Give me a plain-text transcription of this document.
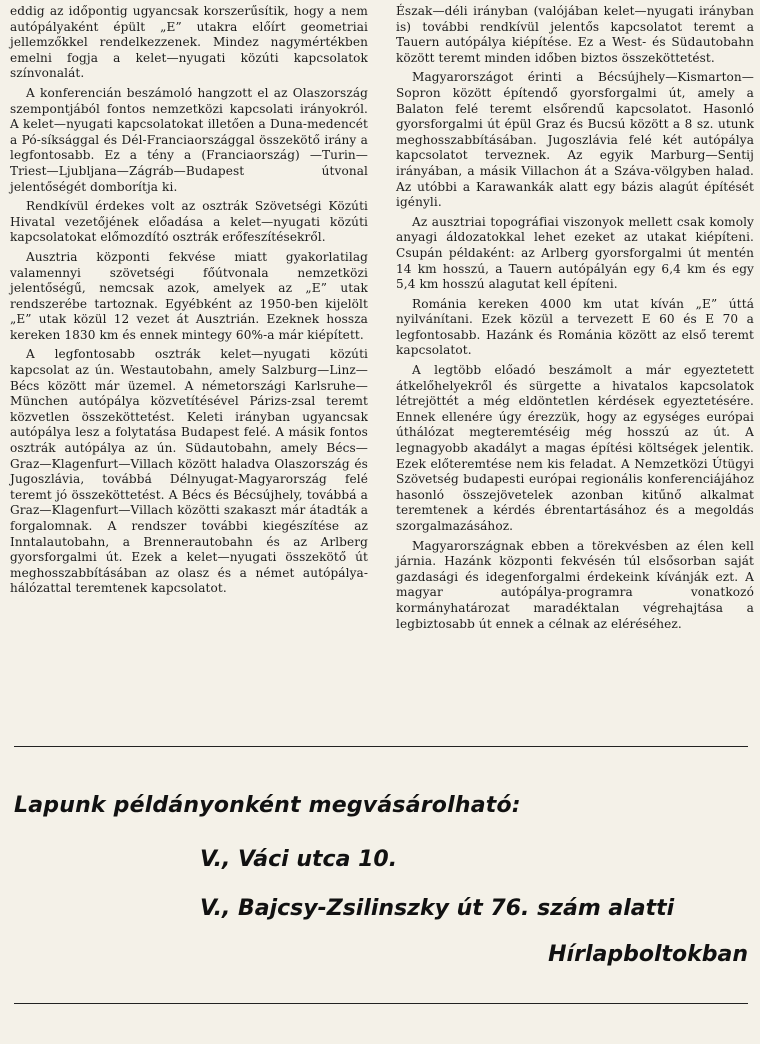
eddig az időpontig ugyancsak korszerűsítik, hogy a nem autópályaként épült „E” utakra előírt geometriai jellemzőkkel rendelkezzenek. Mindez nagymértékben emelni fogja a kelet—nyugati közúti kapcsolatok színvonalát.

A konferencián beszámoló hangzott el az Olaszország szempontjából fontos nemzetközi kapcsolati irányokról. A kelet—nyugati kapcsolatokat illetően a Duna-medencét a Pó-síksággal és Dél-Franciaországgal összekötő irány a legfontosabb. Ez a tény a (Franciaország) —Turin—Triest—Ljubljana—Zágráb—Budapest útvonal jelentőségét domborítja ki.

Rendkívül érdekes volt az osztrák Szövetségi Közúti Hivatal vezetőjének előadása a kelet—nyugati közúti kapcsolatokat előmozdító osztrák erőfeszítésekről.

Ausztria központi fekvése miatt gyakorlatilag valamennyi szövetségi főútvonala nemzetközi jelentőségű, nemcsak azok, amelyek az „E” utak rendszerébe tartoznak. Egyébként az 1950-ben kijelölt „E” utak közül 12 vezet át Ausztrián. Ezeknek hossza kereken 1830 km és ennek mintegy 60%-a már kiépített.

A legfontosabb osztrák kelet—nyugati közúti kapcsolat az ún. Westautobahn, amely Salzburg—Linz—Bécs között már üzemel. A németországi Karlsruhe—München autópálya közvetítésével Párizs-zsal teremt közvetlen összeköttetést. Keleti irányban ugyancsak autópálya lesz a folytatása Budapest felé. A másik fontos osztrák autópálya az ún. Südautobahn, amely Bécs—Graz—Klagenfurt—Villach között haladva Olaszország és Jugoszlávia, továbbá Délnyugat-Magyarország felé teremt jó összeköttetést. A Bécs és Bécsújhely, továbbá a Graz—Klagenfurt—Villach közötti szakaszt már átadták a forgalomnak. A rendszer további kiegészítése az Inntalautobahn, a Brennerautobahn és az Arlberg gyorsforgalmi út. Ezek a kelet—nyugati összekötő út meghosszabbításában az olasz és a német autópálya-hálózattal teremtenek kapcsolatot.

Észak—déli irányban (valójában kelet—nyugati irányban is) további rendkívül jelentős kapcsolatot teremt a Tauern autópálya kiépítése. Ez a West- és Südautobahn között teremt minden időben biztos összeköttetést.

Magyarországot érinti a Bécsújhely—Kismarton—Sopron között építendő gyorsforgalmi út, amely a Balaton felé teremt elsőrendű kapcsolatot. Hasonló gyorsforgalmi út épül Graz és Bucsú között a 8 sz. utunk meghosszabbításában. Jugoszlávia felé két autópálya kapcsolatot terveznek. Az egyik Marburg—Sentij irányában, a másik Villachon át a Száva-völgyben halad. Az utóbbi a Karawankák alatt egy bázis alagút építését igényli.

Az ausztriai topográfiai viszonyok mellett csak komoly anyagi áldozatokkal lehet ezeket az utakat kiépíteni. Csupán példaként: az Arlberg gyorsforgalmi út mentén 14 km hosszú, a Tauern autópályán egy 6,4 km és egy 5,4 km hosszú alagutat kell építeni.

Románia kereken 4000 km utat kíván „E” úttá nyilvánítani. Ezek közül a tervezett E 60 és E 70 a legfontosabb. Hazánk és Románia között az első teremt kapcsolatot.

A legtöbb előadó beszámolt a már egyeztetett átkelőhelyekről és sürgette a hivatalos kapcsolatok létrejöttét a még eldöntetlen kérdések egyeztetésére. Ennek ellenére úgy érezzük, hogy az egységes európai úthálózat megteremtéséig még hosszú az út. A legnagyobb akadályt a magas építési költségek jelentik. Ezek előteremtése nem kis feladat. A Nemzetközi Útügyi Szövetség budapesti európai regionális konferenciájához hasonló összejövetelek azonban kitűnő alkalmat teremtenek a kérdés ébrentartásához és a megoldás szorgalmazásához.

Magyarországnak ebben a törekvésben az élen kell járnia. Hazánk központi fekvésén túl elsősorban saját gazdasági és idegenforgalmi érdekeink kívánják ezt. A magyar autópálya-programra vonatkozó kormányhatározat maradéktalan végrehajtása a legbiztosabb út ennek a célnak az eléréséhez.

Lapunk példányonként megvásárolható:
V., Váci utca 10.
V., Bajcsy-Zsilinszky út 76. szám alatti
Hírlapboltokban
